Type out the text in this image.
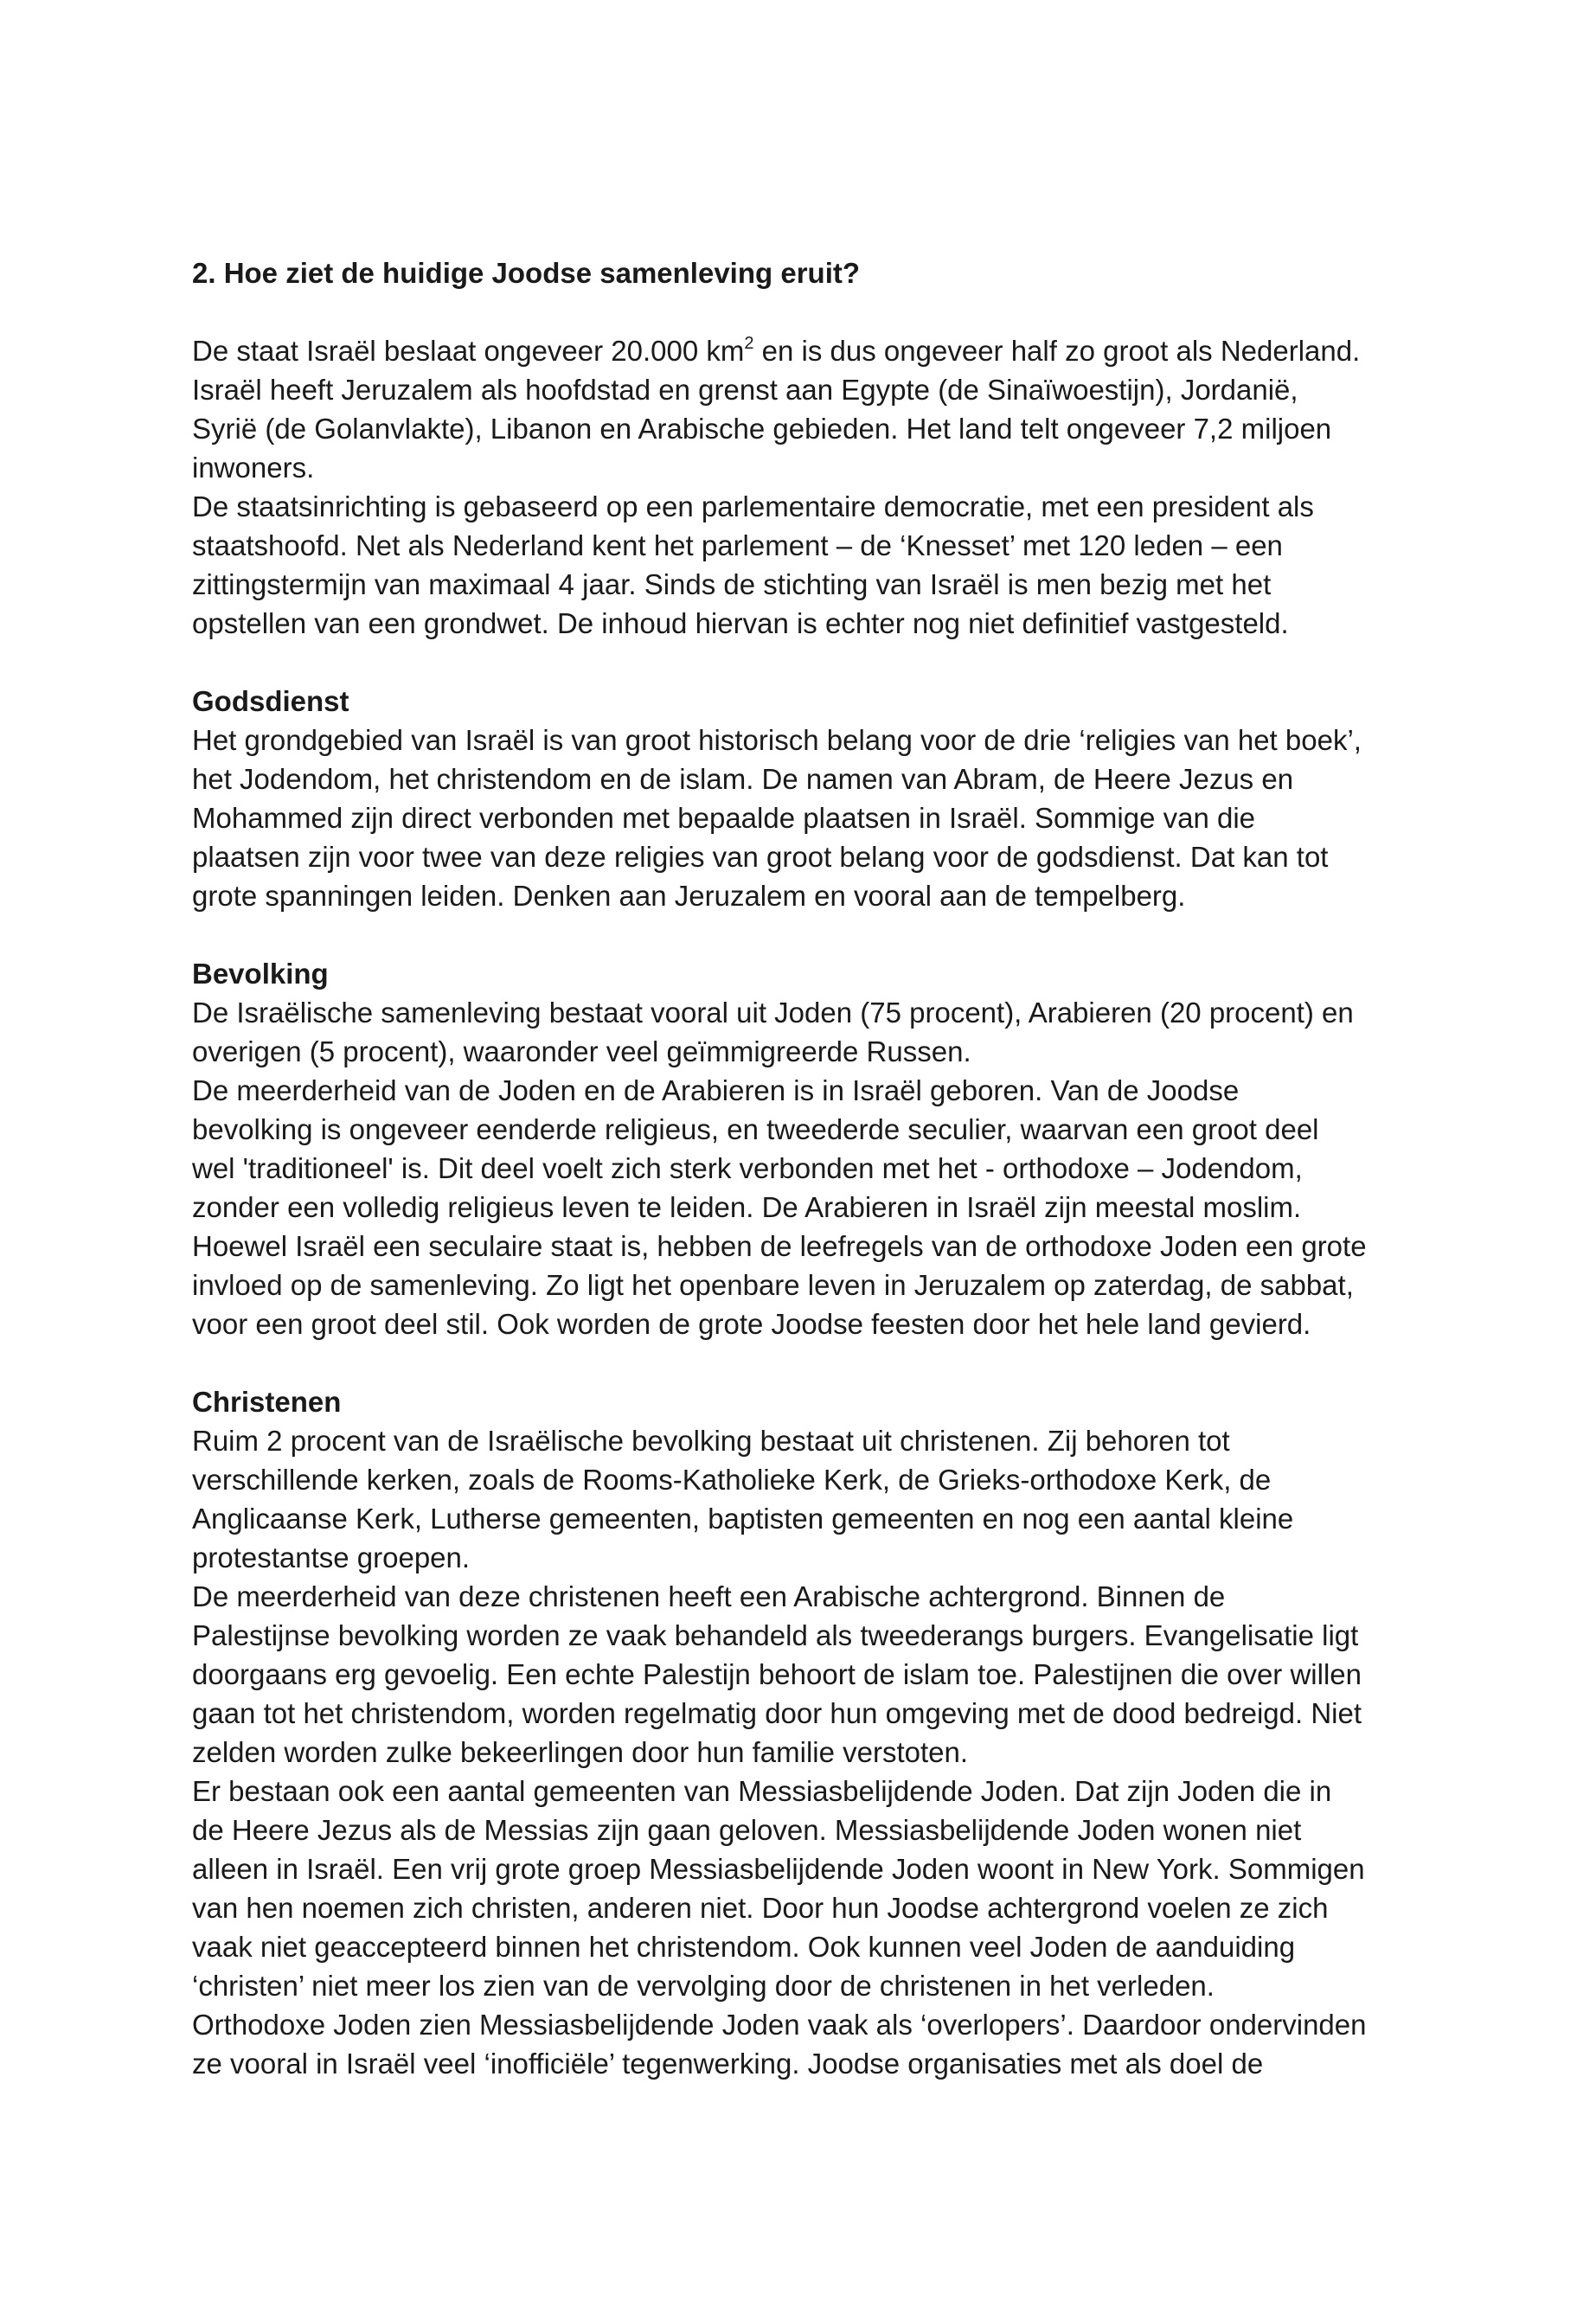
2. Hoe ziet de huidige Joodse samenleving eruit?
De staat Israël beslaat ongeveer 20.000 $km^2$ en is dus ongeveer half zo groot als Nederland.
Israël heeft Jeruzalem als hoofdstad en grenst aan Egypte (de Sinaïwoestijn), Jordanië,
Syrië (de Golanvlakte), Libanon en Arabische gebieden. Het land telt ongeveer 7,2 miljoen
inwoners.
De staatsinrichting is gebaseerd op een parlementaire democratie, met een president als
staatshoofd. Net als Nederland kent het parlement – de ‘Knesset’ met 120 leden – een
zittingstermijn van maximaal 4 jaar. Sinds de stichting van Israël is men bezig met het
opstellen van een grondwet. De inhoud hiervan is echter nog niet definitief vastgesteld.
Godsdienst
Het grondgebied van Israël is van groot historisch belang voor de drie ‘religies van het boek’,
het Jodendom, het christendom en de islam. De namen van Abram, de Heere Jezus en
Mohammed zijn direct verbonden met bepaalde plaatsen in Israël. Sommige van die
plaatsen zijn voor twee van deze religies van groot belang voor de godsdienst. Dat kan tot
grote spanningen leiden. Denken aan Jeruzalem en vooral aan de tempelberg.
Bevolking
De Israëlische samenleving bestaat vooral uit Joden (75 procent), Arabieren (20 procent) en
overigen (5 procent), waaronder veel geïmmigreerde Russen.
De meerderheid van de Joden en de Arabieren is in Israël geboren. Van de Joodse
bevolking is ongeveer eenderde religieus, en tweederde seculier, waarvan een groot deel
wel 'traditioneel' is. Dit deel voelt zich sterk verbonden met het - orthodoxe – Jodendom,
zonder een volledig religieus leven te leiden. De Arabieren in Israël zijn meestal moslim.
Hoewel Israël een seculaire staat is, hebben de leefregels van de orthodoxe Joden een grote
invloed op de samenleving. Zo ligt het openbare leven in Jeruzalem op zaterdag, de sabbat,
voor een groot deel stil. Ook worden de grote Joodse feesten door het hele land gevierd.
Christenen
Ruim 2 procent van de Israëlische bevolking bestaat uit christenen. Zij behoren tot
verschillende kerken, zoals de Rooms-Katholieke Kerk, de Grieks-orthodoxe Kerk, de
Anglicaanse Kerk, Lutherse gemeenten, baptisten gemeenten en nog een aantal kleine
protestantse groepen.
De meerderheid van deze christenen heeft een Arabische achtergrond. Binnen de
Palestijnse bevolking worden ze vaak behandeld als tweederangs burgers. Evangelisatie ligt
doorgaans erg gevoelig. Een echte Palestijn behoort de islam toe. Palestijnen die over willen
gaan tot het christendom, worden regelmatig door hun omgeving met de dood bedreigd. Niet
zelden worden zulke bekeerlingen door hun familie verstoten.
Er bestaan ook een aantal gemeenten van Messiasbelijdende Joden. Dat zijn Joden die in
de Heere Jezus als de Messias zijn gaan geloven. Messiasbelijdende Joden wonen niet
alleen in Israël. Een vrij grote groep Messiasbelijdende Joden woont in New York. Sommigen
van hen noemen zich christen, anderen niet. Door hun Joodse achtergrond voelen ze zich
vaak niet geaccepteerd binnen het christendom. Ook kunnen veel Joden de aanduiding
‘christen’ niet meer los zien van de vervolging door de christenen in het verleden.
Orthodoxe Joden zien Messiasbelijdende Joden vaak als ‘overlopers’. Daardoor ondervinden
ze vooral in Israël veel ‘inofficiële’ tegenwerking. Joodse organisaties met als doel de
